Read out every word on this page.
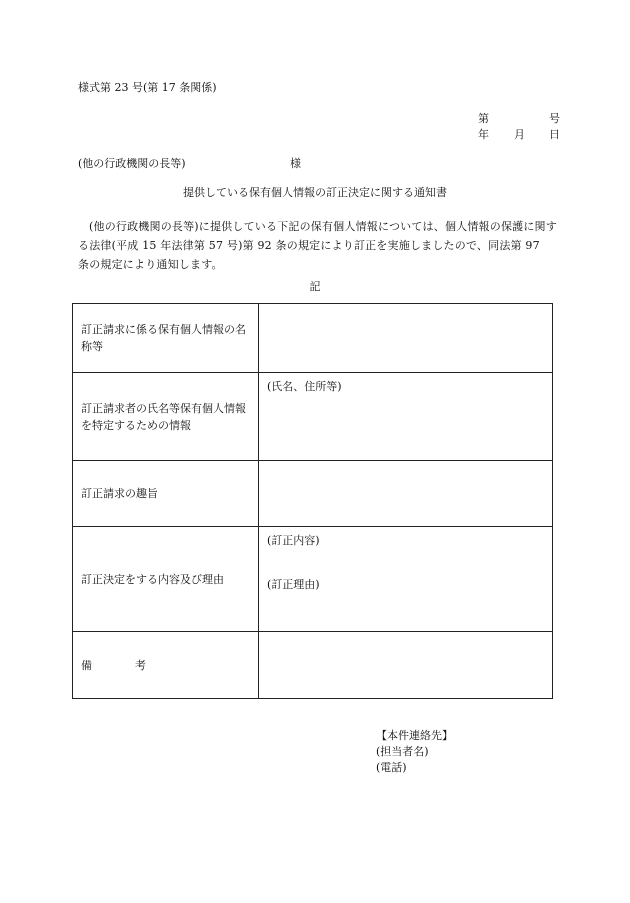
様式第 23 号(第 17 条関係)
第	号
年 月 日
(他の行政機関の長等)	様
提供している保有個人情報の訂正決定に関する通知書
(他の行政機関の長等)に提供している下記の保有個人情報については、個人情報の保護に関する法律(平成 15 年法律第 57 号)第 92 条の規定により訂正を実施しましたので、同法第 97　条の規定により通知します。
記
訂正請求に係る保有個人情報の名称等	
訂正請求者の氏名等保有個人情報を特定するための情報	(氏名、住所等)

訂正請求の趣旨	
訂正決定をする内容及び理由	(訂正内容)
(訂正理由)

備 考	
【本件連絡先】
(担当者名)
(電話)
